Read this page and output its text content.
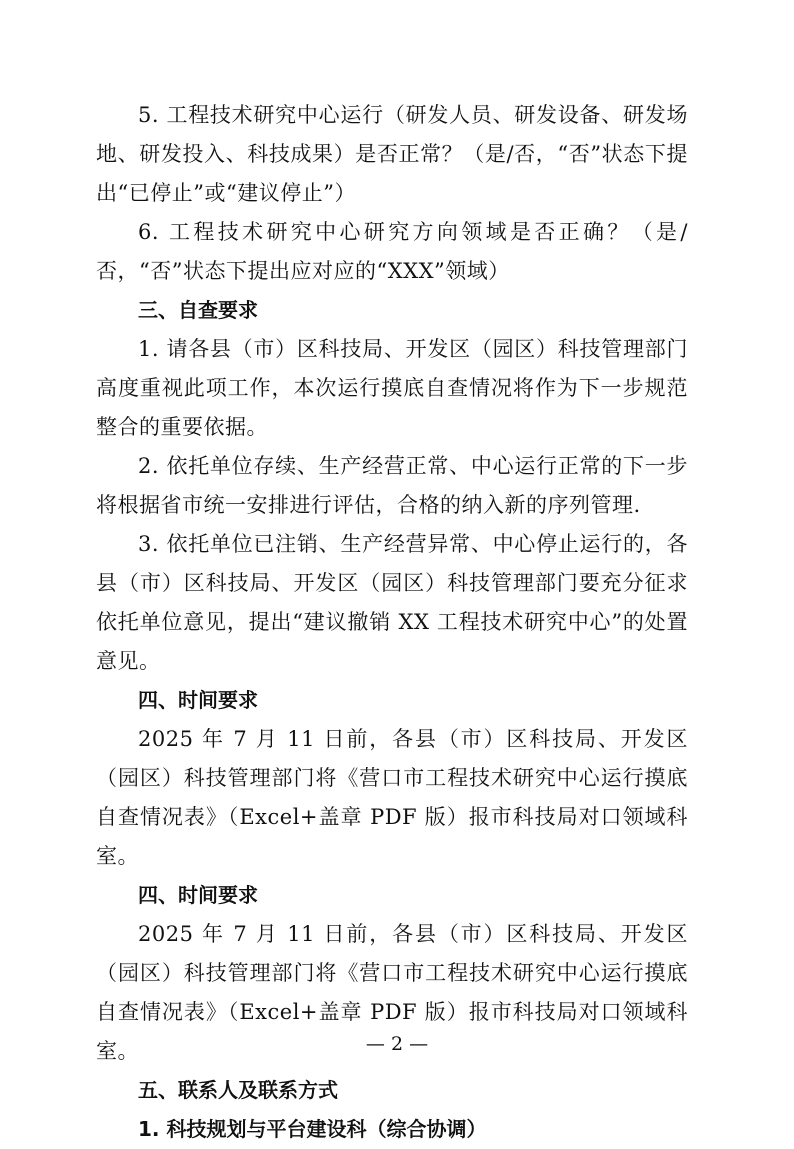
5. 工程技术研究中心运行（研发人员、研发设备、研发场地、研发投入、科技成果）是否正常？（是/否，“否”状态下提出“已停止”或“建议停止”）

6. 工程技术研究中心研究方向领域是否正确？（是/否，“否”状态下提出应对应的“XXX”领域）

三、自查要求

1. 请各县（市）区科技局、开发区（园区）科技管理部门高度重视此项工作，本次运行摸底自查情况将作为下一步规范整合的重要依据。

2. 依托单位存续、生产经营正常、中心运行正常的下一步将根据省市统一安排进行评估，合格的纳入新的序列管理.

3. 依托单位已注销、生产经营异常、中心停止运行的，各县（市）区科技局、开发区（园区）科技管理部门要充分征求依托单位意见，提出“建议撤销 XX 工程技术研究中心”的处置意见。

四、时间要求

2025 年 7 月 11 日前，各县（市）区科技局、开发区（园区）科技管理部门将《营口市工程技术研究中心运行摸底自查情况表》（Excel+盖章 PDF 版）报市科技局对口领域科室。

四、时间要求

2025 年 7 月 11 日前，各县（市）区科技局、开发区（园区）科技管理部门将《营口市工程技术研究中心运行摸底自查情况表》（Excel+盖章 PDF 版）报市科技局对口领域科室。

五、联系人及联系方式

1. 科技规划与平台建设科（综合协调）

— 2 —
